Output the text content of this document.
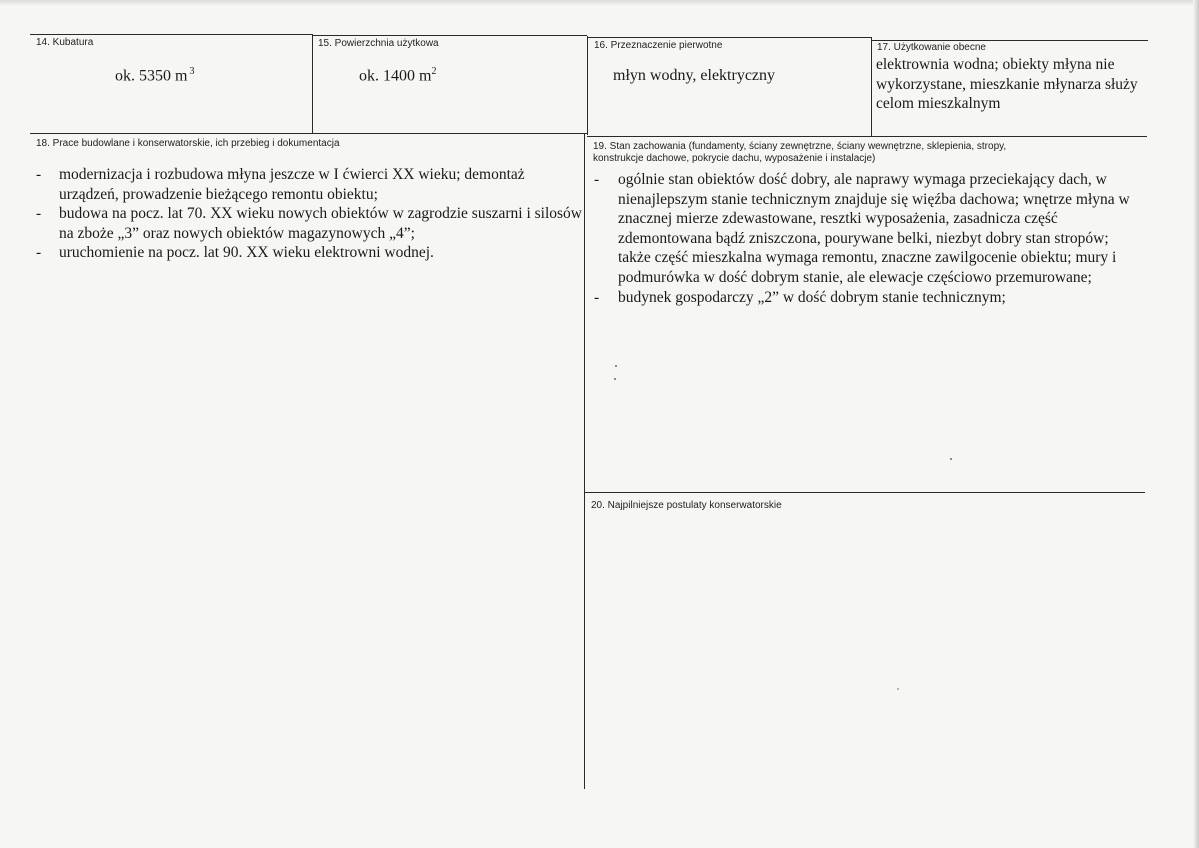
14. Kubatura
ok. 5350 m $^3$
15. Powierzchnia użytkowa
ok. 1400 $m^2$
16. Przeznaczenie pierwotne
młyn wodny, elektryczny
17. Użytkowanie obecne
elektrownia wodna; obiekty młyna nie wykorzystane, mieszkanie młynarza służy celom mieszkalnym
18. Prace budowlane i konserwatorskie, ich przebieg i dokumentacja
- modernizacja i rozbudowa młyna jeszcze w I ćwierci XX wieku; demontaż urządzeń, prowadzenie bieżącego remontu obiektu;
- budowa na pocz. lat 70. XX wieku nowych obiektów w zagrodzie suszarni i silosów na zboże „3” oraz nowych obiektów magazynowych „4”;
- uruchomienie na pocz. lat 90. XX wieku elektrowni wodnej.
19. Stan zachowania (fundamenty, ściany zewnętrzne, ściany wewnętrzne, sklepienia, stropy,
konstrukcje dachowe, pokrycie dachu, wyposażenie i instalacje)
- ogólnie stan obiektów dość dobry, ale naprawy wymaga przeciekający dach, w nienajlepszym stanie technicznym znajduje się więźba dachowa; wnętrze młyna w znacznej mierze zdewastowane, resztki wyposażenia, zasadnicza część zdemontowana bądź zniszczona, pourywane belki, niezbyt dobry stan stropów; także część mieszkalna wymaga remontu, znaczne zawilgocenie obiektu; mury i podmurówka w dość dobrym stanie, ale elewacje częściowo przemurowane;
- budynek gospodarczy „2” w dość dobrym stanie technicznym;
20. Najpilniejsze postulaty konserwatorskie
